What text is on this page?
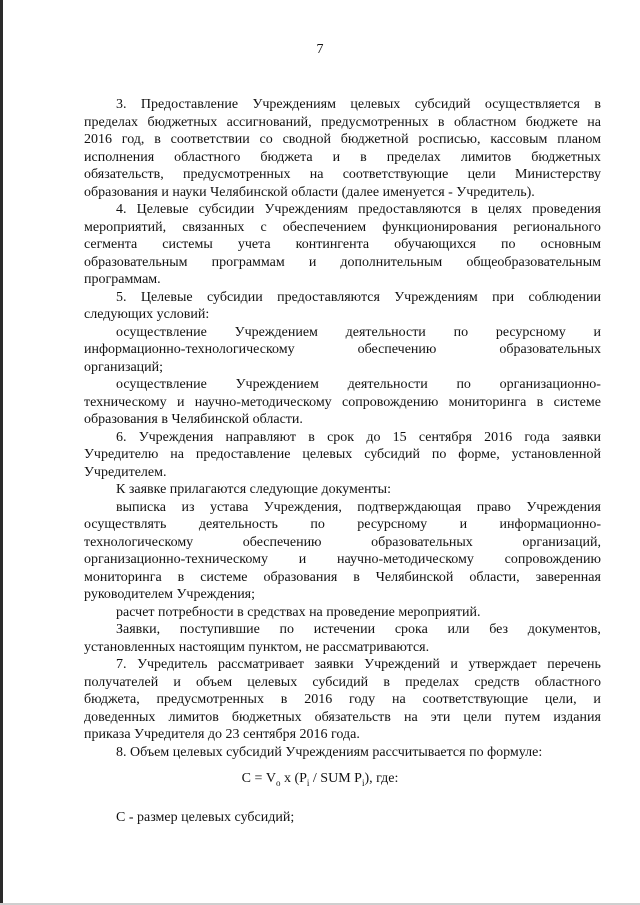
7
3. Предоставление Учреждениям целевых субсидий осуществляется в
пределах бюджетных ассигнований, предусмотренных в областном бюджете на
2016 год, в соответствии со сводной бюджетной росписью, кассовым планом
исполнения областного бюджета и в пределах лимитов бюджетных
обязательств, предусмотренных на соответствующие цели Министерству
образования и науки Челябинской области (далее именуется - Учредитель).
4. Целевые субсидии Учреждениям предоставляются в целях проведения
мероприятий, связанных с обеспечением функционирования регионального
сегмента системы учета контингента обучающихся по основным
образовательным программам и дополнительным общеобразовательным
программам.
5. Целевые субсидии предоставляются Учреждениям при соблюдении
следующих условий:
осуществление Учреждением деятельности по ресурсному и
информационно-технологическому	обеспечению	образовательных
организаций;
осуществление Учреждением деятельности по организационно-
техническому и научно-методическому сопровождению мониторинга в системе
образования в Челябинской области.
6. Учреждения направляют в срок до 15 сентября 2016 года заявки
Учредителю на предоставление целевых субсидий по форме, установленной
Учредителем.
К заявке прилагаются следующие документы:
выписка из устава Учреждения, подтверждающая право Учреждения
осуществлять деятельность по ресурсному и информационно-
технологическому	обеспечению	образовательных	организаций,
организационно-техническому и научно-методическому сопровождению
мониторинга в системе образования в Челябинской области, заверенная
руководителем Учреждения;
расчет потребности в средствах на проведение мероприятий.
Заявки, поступившие по истечении срока или без документов,
установленных настоящим пунктом, не рассматриваются.
7. Учредитель рассматривает заявки Учреждений и утверждает перечень
получателей и объем целевых субсидий в пределах средств областного
бюджета, предусмотренных в 2016 году на соответствующие цели, и
доведенных лимитов бюджетных обязательств на эти цели путем издания
приказа Учредителя до 23 сентября 2016 года.
8. Объем целевых субсидий Учреждениям рассчитывается по формуле:
$С = V_о$ х ($P_i$ / SUM $P_i$), где:
С - размер целевых субсидий;
